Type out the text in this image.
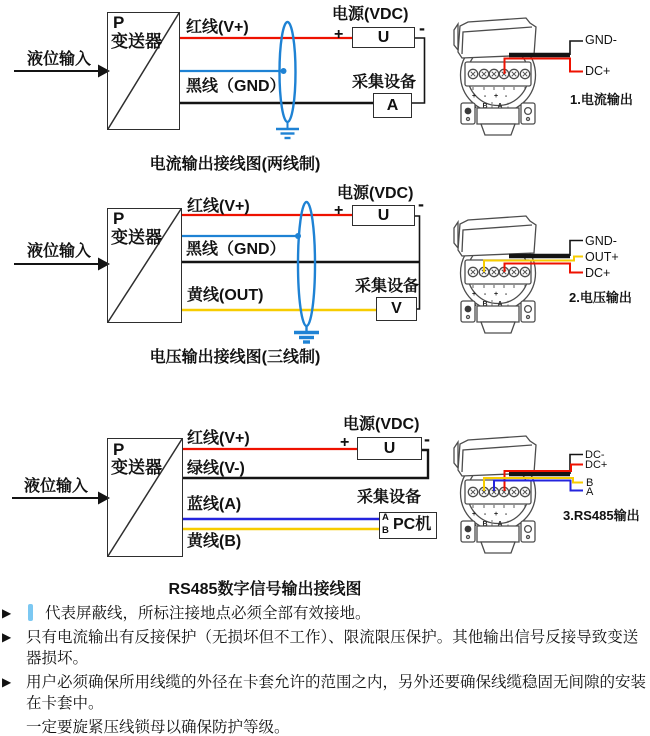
+	-	+ -
A B	A
液位输入
P
变送器
红线(V+)
黑线（GND）
电源(VDC)
U
+	-
采集设备
A
电流输出接线图(两线制)
GND-
DC+
1.电流输出
液位输入
P
变送器
红线(V+)
黑线（GND）
黄线(OUT)
电源(VDC)
U
+	-
采集设备
V
电压输出接线图(三线制)
GND-
OUT+
DC+
2.电压输出
液位输入
P
变送器
红线(V+)
绿线(V-)
蓝线(A)
黄线(B)
电源(VDC)
U
+	-
采集设备
A
B PC机
RS485数字信号输出接线图
DC-
DC+
B
A
3.RS485输出
▶	代表屏蔽线，所标注接地点必须全部有效接地。
▶ 只有电流输出有反接保护（无损坏但不工作）、限流限压保护。其他输出信号反接导致变送器损坏。
▶ 用户必须确保所用线缆的外径在卡套允许的范围之内，另外还要确保线缆稳固无间隙的安装在卡套中。
一定要旋紧压线锁母以确保防护等级。
